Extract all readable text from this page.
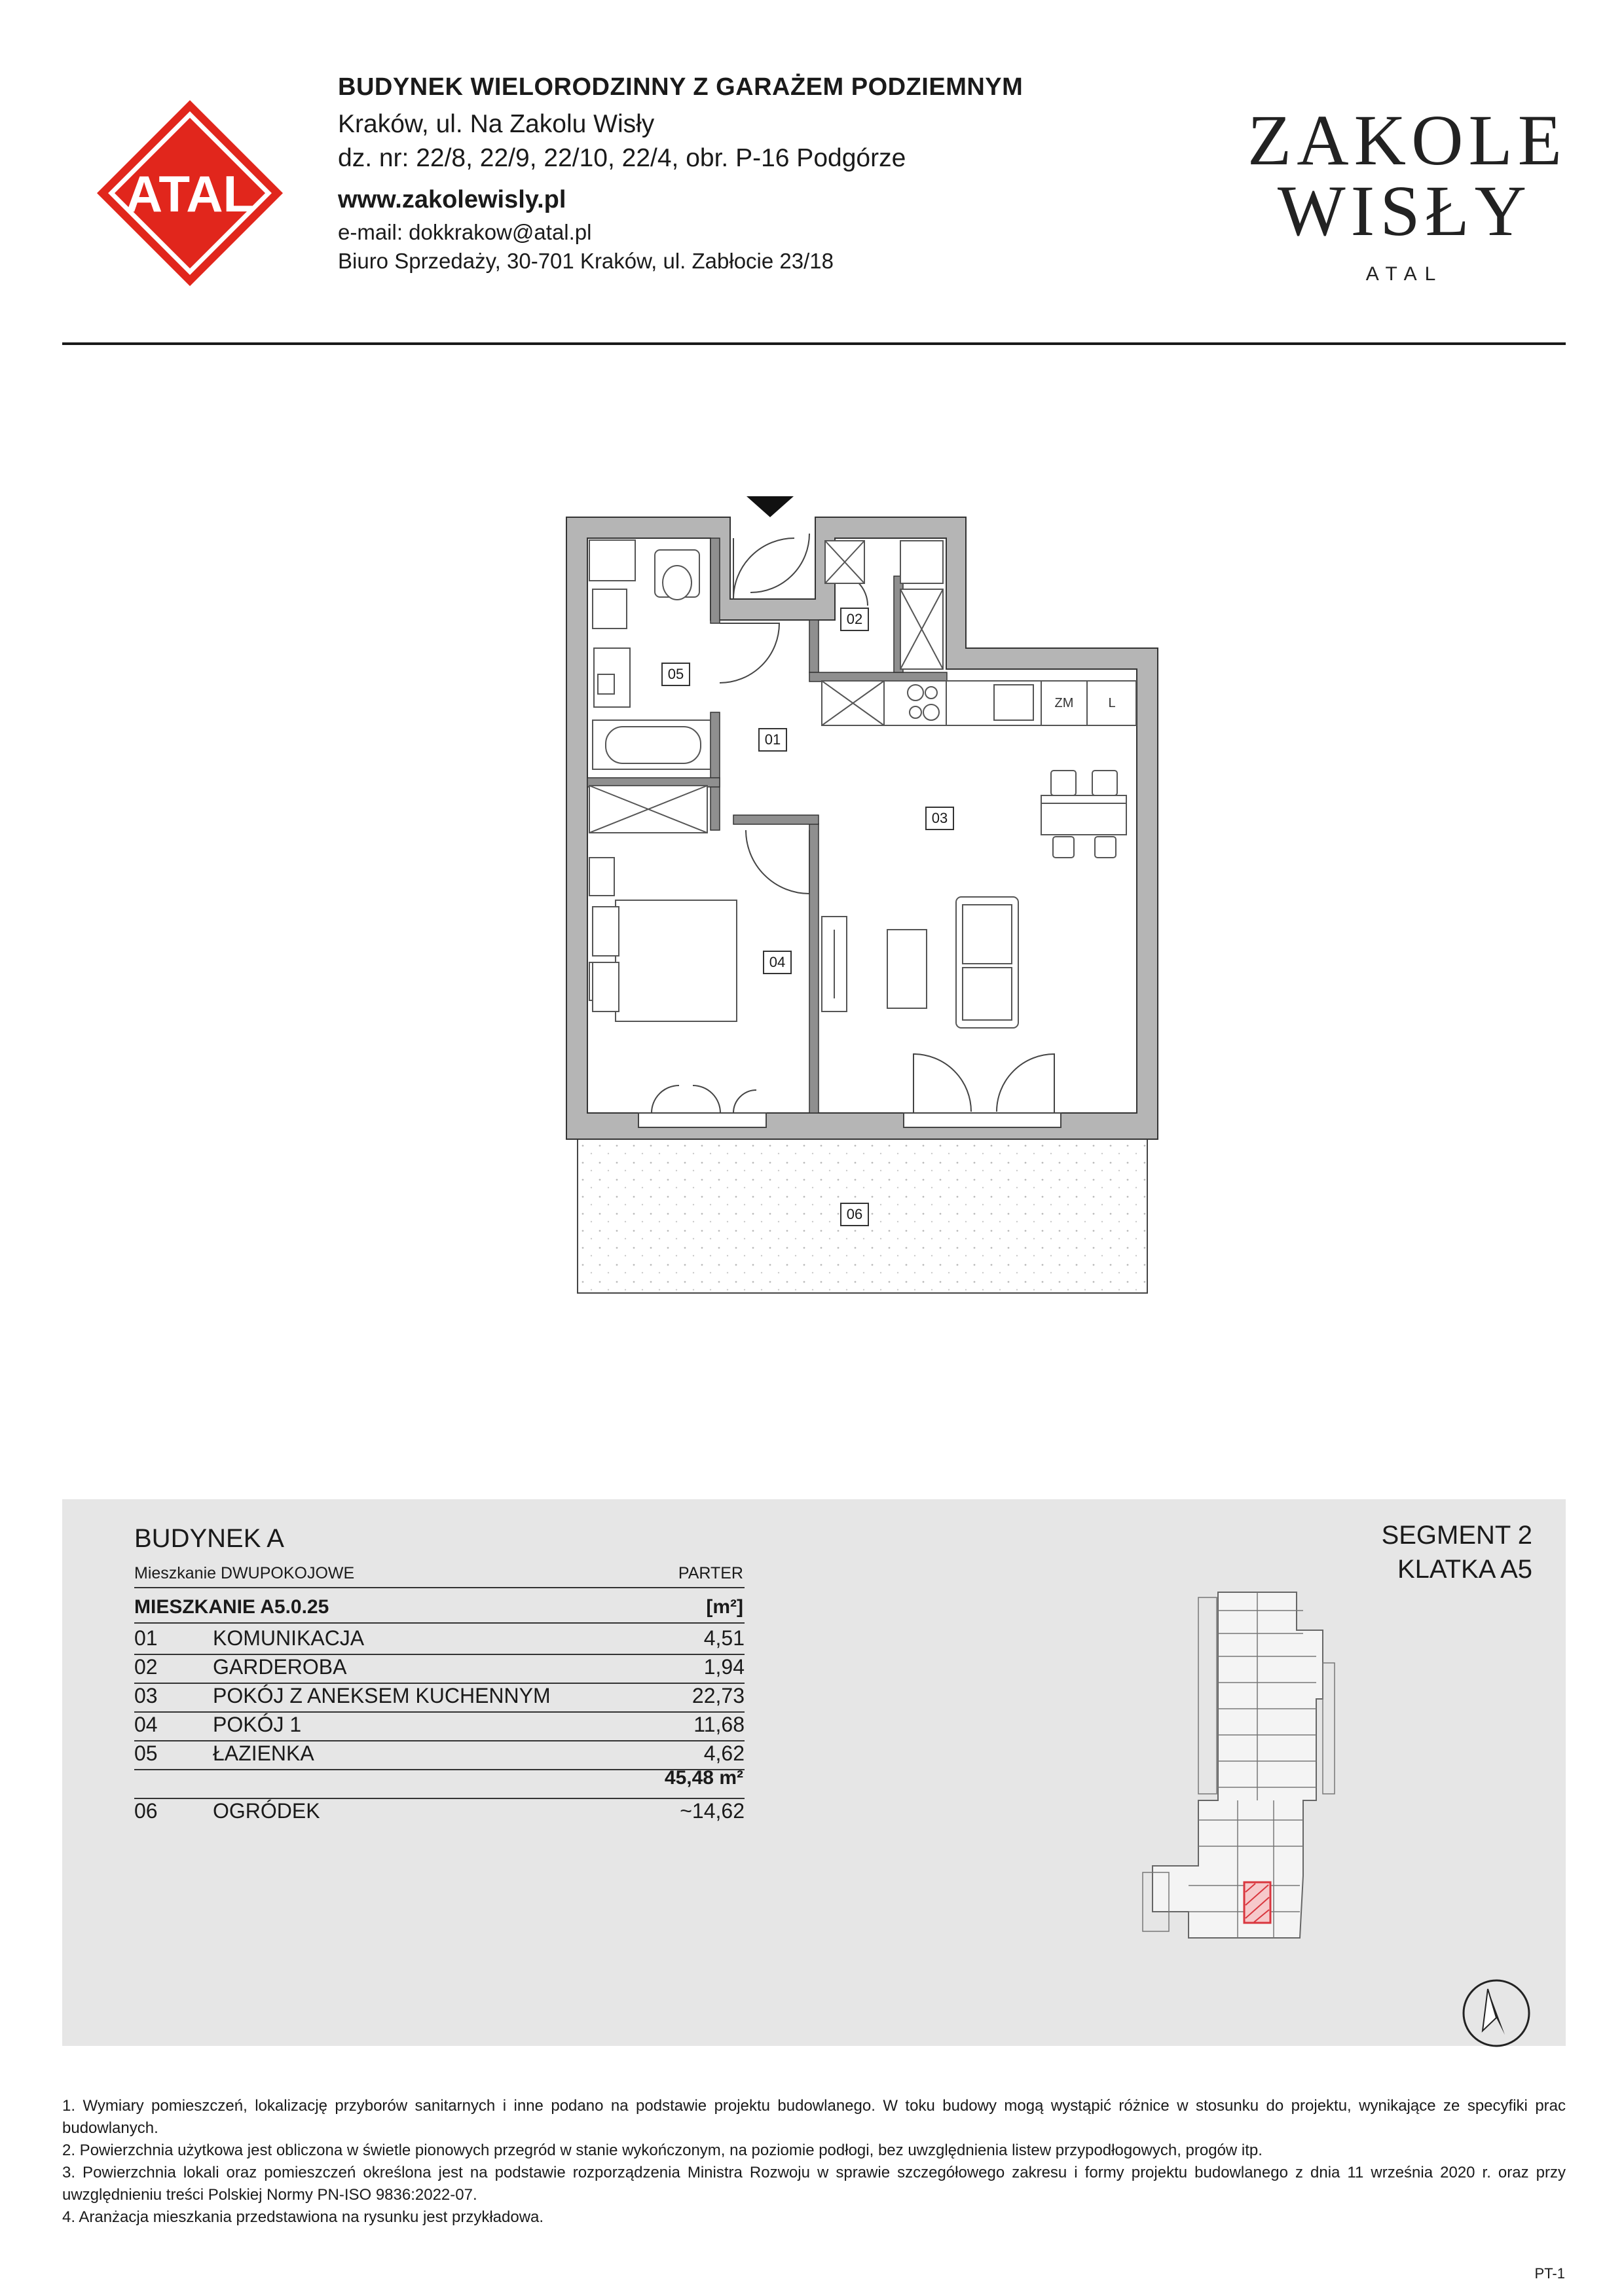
ATAL
BUDYNEK WIELORODZINNY Z GARAŻEM PODZIEMNYM
Kraków, ul. Na Zakolu Wisły
dz. nr: 22/8, 22/9, 22/10, 22/4, obr. P-16 Podgórze
www.zakolewisly.pl
e-mail: dokkrakow@atal.pl
Biuro Sprzedaży, 30-701 Kraków, ul. Zabłocie 23/18
ZAKOLE
WISŁY
ATAL
ZM	L
05
02
01
03
04
06
BUDYNEK A
Mieszkanie DWUPOKOJOWE	PARTER
MIESZKANIE A5.0.25	[m²]
01	KOMUNIKACJA	4,51
02	GARDEROBA	1,94
03	POKÓJ Z ANEKSEM KUCHENNYM	22,73
04	POKÓJ 1	11,68
05	ŁAZIENKA	4,62
45,48 m²
06	OGRÓDEK	~14,62
SEGMENT 2
KLATKA A5

1. Wymiary pomieszczeń, lokalizację przyborów sanitarnych i inne podano na podstawie projektu budowlanego. W toku budowy mogą wystąpić różnice w stosunku do projektu, wynikające ze specyfiki prac budowlanych.

2. Powierzchnia użytkowa jest obliczona w świetle pionowych przegród w stanie wykończonym, na poziomie podłogi, bez uwzględnienia listew przypodłogowych, progów itp.

3. Powierzchnia lokali oraz pomieszczeń określona jest na podstawie rozporządzenia Ministra Rozwoju w sprawie szczegółowego zakresu i formy projektu budowlanego z dnia 11 września 2020 r. oraz przy uwzględnieniu treści Polskiej Normy PN-ISO 9836:2022-07.

4. Aranżacja mieszkania przedstawiona na rysunku jest przykładowa.

PT-1
